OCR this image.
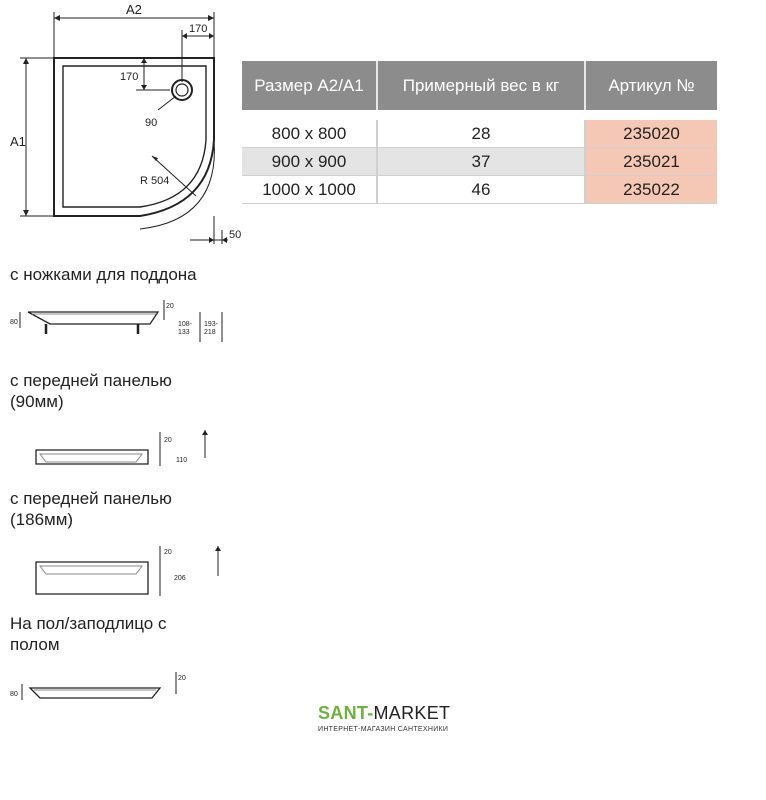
A2
170
170
90
R 504
A1
50
Размер A2/A1	Примерный вес в кг	Артикул №
800 x 800	28	235020
900 x 900	37	235021
1000 x 1000	46	235022
с ножками для поддона
80
20
108-
133
193-
218
с передней панелью
(90мм)
20
110
с передней панелью
(186мм)
20
206
На пол/заподлицо с
полом
80
20
SANT-MARKET
ИНТЕРНЕТ-МАГАЗИН САНТЕХНИКИ
